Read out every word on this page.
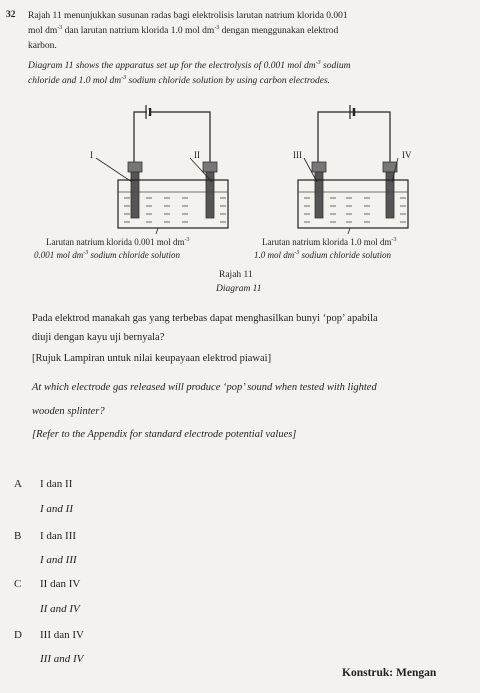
32 Rajah 11 menunjukkan susunan radas bagi elektrolisis larutan natrium klorida 0.001
mol $dm^{-3}$ dan larutan natrium klorida 1.0 mol $dm^{-3}$ dengan menggunakan elektrod
karbon.
Diagram 11 shows the apparatus set up for the electrolysis of 0.001 mol $dm^{-3}$ sodium
chloride and 1.0 mol $dm^{-3}$ sodium chloride solution by using carbon electrodes.
I	II	III	IV
Larutan natrium klorida 0.001 mol $dm^{-3}$
0.001 mol $dm^{-3}$ sodium chloride solution
Larutan natrium klorida 1.0 mol $dm^{-3}$
1.0 mol $dm^{-3}$ sodium chloride solution
Rajah 11
Diagram 11
Pada elektrod manakah gas yang terbebas dapat menghasilkan bunyi ‘pop’ apabila
diuji dengan kayu uji bernyala?
[Rujuk Lampiran untuk nilai keupayaan elektrod piawai]
At which electrode gas released will produce ‘pop’ sound when tested with lighted
wooden splinter?
[Refer to the Appendix for standard electrode potential values]
A I dan II
I and II
B I dan III
I and III
C II dan IV
II and IV
D III dan IV
III and IV
Konstruk: Mengan
